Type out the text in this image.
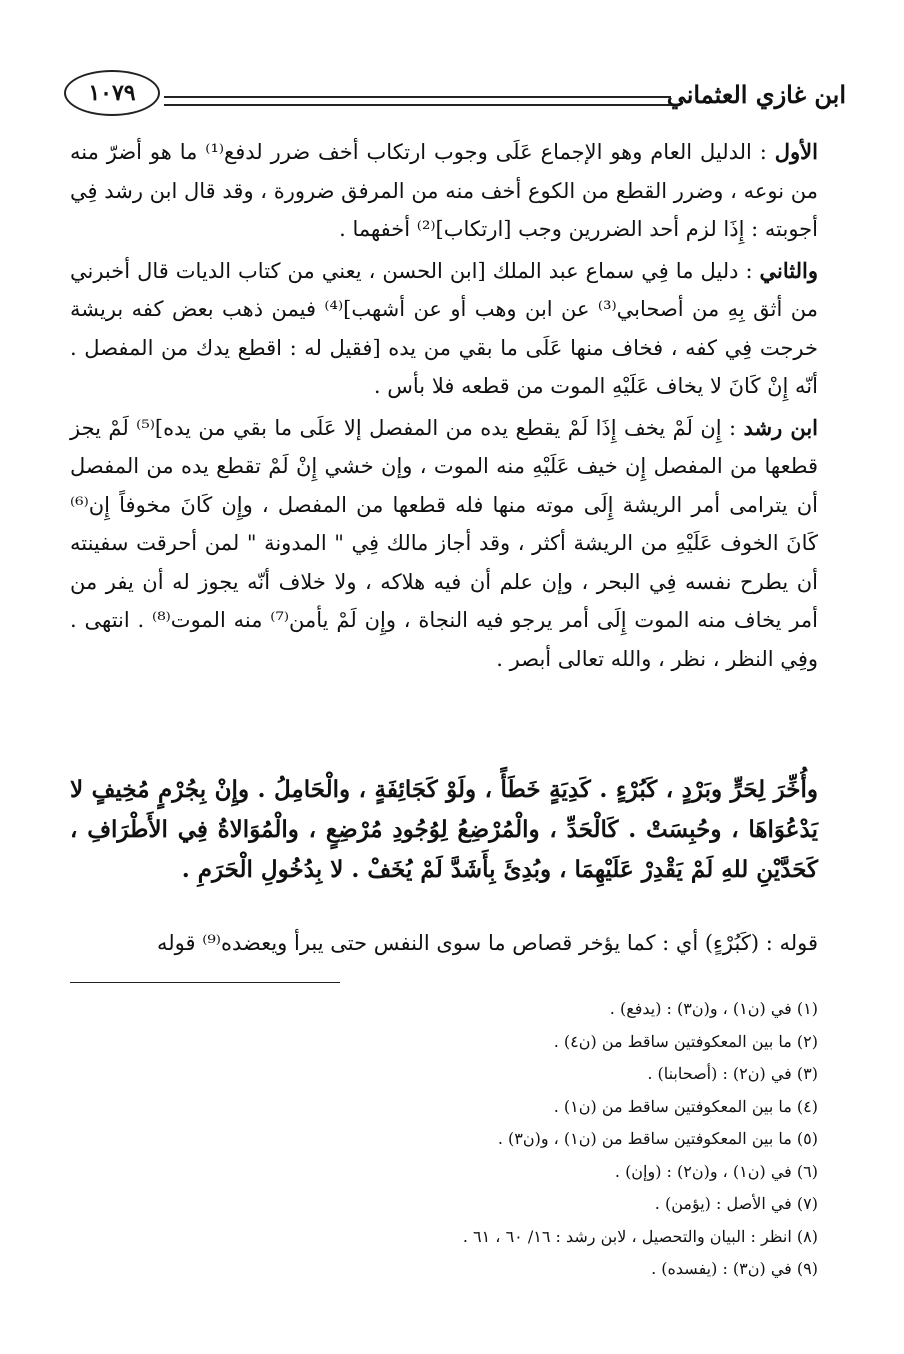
ابن غازي العثماني
١٠٧٩

الأول : الدليل العام وهو الإجماع عَلَى وجوب ارتكاب أخف ضرر لدفع⁽¹⁾ ما هو أضرّ منه من نوعه ، وضرر القطع من الكوع أخف منه من المرفق ضرورة ، وقد قال ابن رشد فِي أجوبته : إِذَا لزم أحد الضررين وجب [ارتكاب]⁽²⁾ أخفهما .

والثاني : دليل ما فِي سماع عبد الملك [ابن الحسن ، يعني من كتاب الديات قال أخبرني من أثق بِهِ من أصحابي⁽³⁾ عن ابن وهب أو عن أشهب]⁽⁴⁾ فيمن ذهب بعض كفه بريشة خرجت فِي كفه ، فخاف منها عَلَى ما بقي من يده [فقيل له : اقطع يدك من المفصل . أنّه إِنْ كَانَ لا يخاف عَلَيْهِ الموت من قطعه فلا بأس .

ابن رشد : إِن لَمْ يخف إِذَا لَمْ يقطع يده من المفصل إلا عَلَى ما بقي من يده]⁽⁵⁾ لَمْ يجز قطعها من المفصل إِن خيف عَلَيْهِ منه الموت ، وإن خشي إِنْ لَمْ تقطع يده من المفصل أن يترامى أمر الريشة إِلَى موته منها فله قطعها من المفصل ، وإِن كَانَ مخوفاً إِن⁽⁶⁾ كَانَ الخوف عَلَيْهِ من الريشة أكثر ، وقد أجاز مالك فِي " المدونة " لمن أحرقت سفينته أن يطرح نفسه فِي البحر ، وإن علم أن فيه هلاكه ، ولا خلاف أنّه يجوز له أن يفر من أمر يخاف منه الموت إِلَى أمر يرجو فيه النجاة ، وإِن لَمْ يأمن⁽⁷⁾ منه الموت⁽⁸⁾ . انتهى . وفِي النظر ، نظر ، والله تعالى أبصر .

وأُخِّرَ لِحَرٍّ وبَرْدٍ ، كَبُرْءٍ . كَدِيَةٍ خَطَأً ، ولَوْ كَجَائِفَةٍ ، والْحَامِلُ . وإِنْ بِجُرْمٍ مُخِيفٍ لا يَدْعُوَاهَا ، وحُبِسَتْ . كَالْحَدِّ ، والْمُرْضِعُ لِوُجُودِ مُرْضِعٍ ، والْمُوَالاةُ فِي الأَطْرَافِ ، كَحَدَّيْنِ للهِ لَمْ يَقْدِرْ عَلَيْهِمَا ، وبُدِئَ بِأَشَدَّ لَمْ يُخَفْ . لا بِدُخُولِ الْحَرَمِ .

قوله : (كَبُرْءٍ) أي : كما يؤخر قصاص ما سوى النفس حتى يبرأ ويعضده⁽⁹⁾ قوله

(١) في (ن١) ، و(ن٣) : (يدفع) .
(٢) ما بين المعكوفتين ساقط من (ن٤) .
(٣) في (ن٢) : (أصحابنا) .
(٤) ما بين المعكوفتين ساقط من (ن١) .
(٥) ما بين المعكوفتين ساقط من (ن١) ، و(ن٣) .
(٦) في (ن١) ، و(ن٢) : (وإن) .
(٧) في الأصل : (يؤمن) .
(٨) انظر : البيان والتحصيل ، لابن رشد : ١٦/ ٦٠ ، ٦١ .
(٩) في (ن٣) : (يفسده) .
